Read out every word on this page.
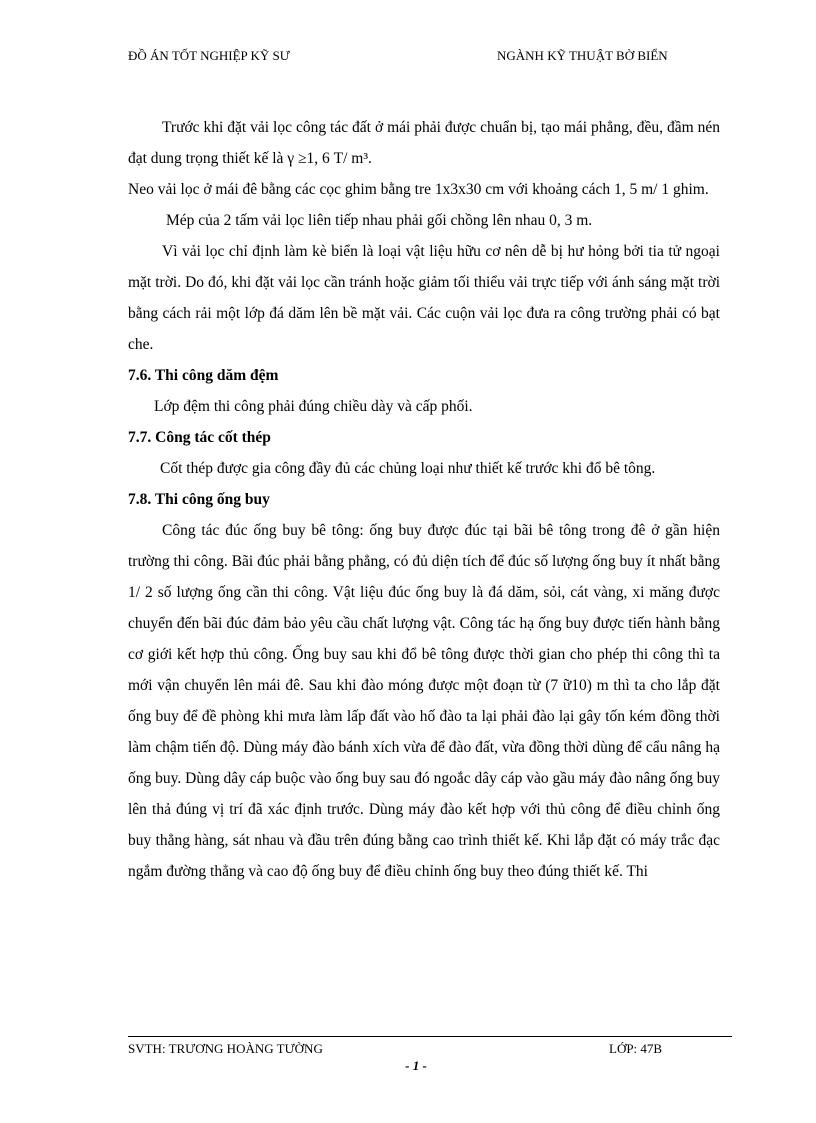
ĐỒ ÁN TỐT NGHIỆP KỸ SƯ	NGÀNH KỸ THUẬT BỜ BIỂN

Trước khi đặt vải lọc công tác đất ở mái phải được chuẩn bị, tạo mái phẳng, đều, đầm nén đạt dung trọng thiết kế là γ ≥1, 6 T/ m³.

Neo vải lọc ở mái đê bằng các cọc ghim bằng tre 1x3x30 cm với khoảng cách 1, 5 m/ 1 ghim.

Mép của 2 tấm vải lọc liên tiếp nhau phải gối chồng lên nhau 0, 3 m.

Vì vải lọc chỉ định làm kè biển là loại vật liệu hữu cơ nên dễ bị hư hỏng bởi tia tử ngoại mặt trời. Do đó, khi đặt vải lọc cần tránh hoặc giảm tối thiểu vải trực tiếp với ánh sáng mặt trời bằng cách rải một lớp đá dăm lên bề mặt vải. Các cuộn vải lọc đưa ra công trường phải có bạt che.

7.6. Thi công dăm đệm

Lớp đệm thi công phải đúng chiều dày và cấp phối.

7.7. Công tác cốt thép

Cốt thép được gia công đầy đủ các chủng loại như thiết kế trước khi đổ bê tông.

7.8. Thi công ống buy

Công tác đúc ống buy bê tông: ống buy được đúc tại bãi bê tông trong đê ở gần hiện trường thi công. Bãi đúc phải bằng phẳng, có đủ diện tích để đúc số lượng ống buy ít nhất bằng 1/ 2 số lượng ống cần thi công. Vật liệu đúc ống buy là đá dăm, sỏi, cát vàng, xi măng được chuyển đến bãi đúc đảm bảo yêu cầu chất lượng vật. Công tác hạ ống buy được tiến hành bằng cơ giới kết hợp thủ công. Ống buy sau khi đổ bê tông được thời gian cho phép thi công thì ta mới vận chuyển lên mái đê. Sau khi đào móng được một đoạn từ (7 ữ10) m thì ta cho lắp đặt ống buy để đề phòng khi mưa làm lấp đất vào hố đào ta lại phải đào lại gây tốn kém đồng thời làm chậm tiến độ. Dùng máy đào bánh xích vừa để đào đất, vừa đồng thời dùng để cẩu nâng hạ ống buy. Dùng dây cáp buộc vào ống buy sau đó ngoắc dây cáp vào gầu máy đào nâng ống buy lên thả đúng vị trí đã xác định trước. Dùng máy đào kết hợp với thủ công để điều chỉnh ống buy thẳng hàng, sát nhau và đầu trên đúng bằng cao trình thiết kế. Khi lắp đặt có máy trắc đạc ngắm đường thẳng và cao độ ống buy để điều chỉnh ống buy theo đúng thiết kế. Thi

SVTH: TRƯƠNG HOÀNG TƯỜNG	LỚP: 47B
- 1 -
